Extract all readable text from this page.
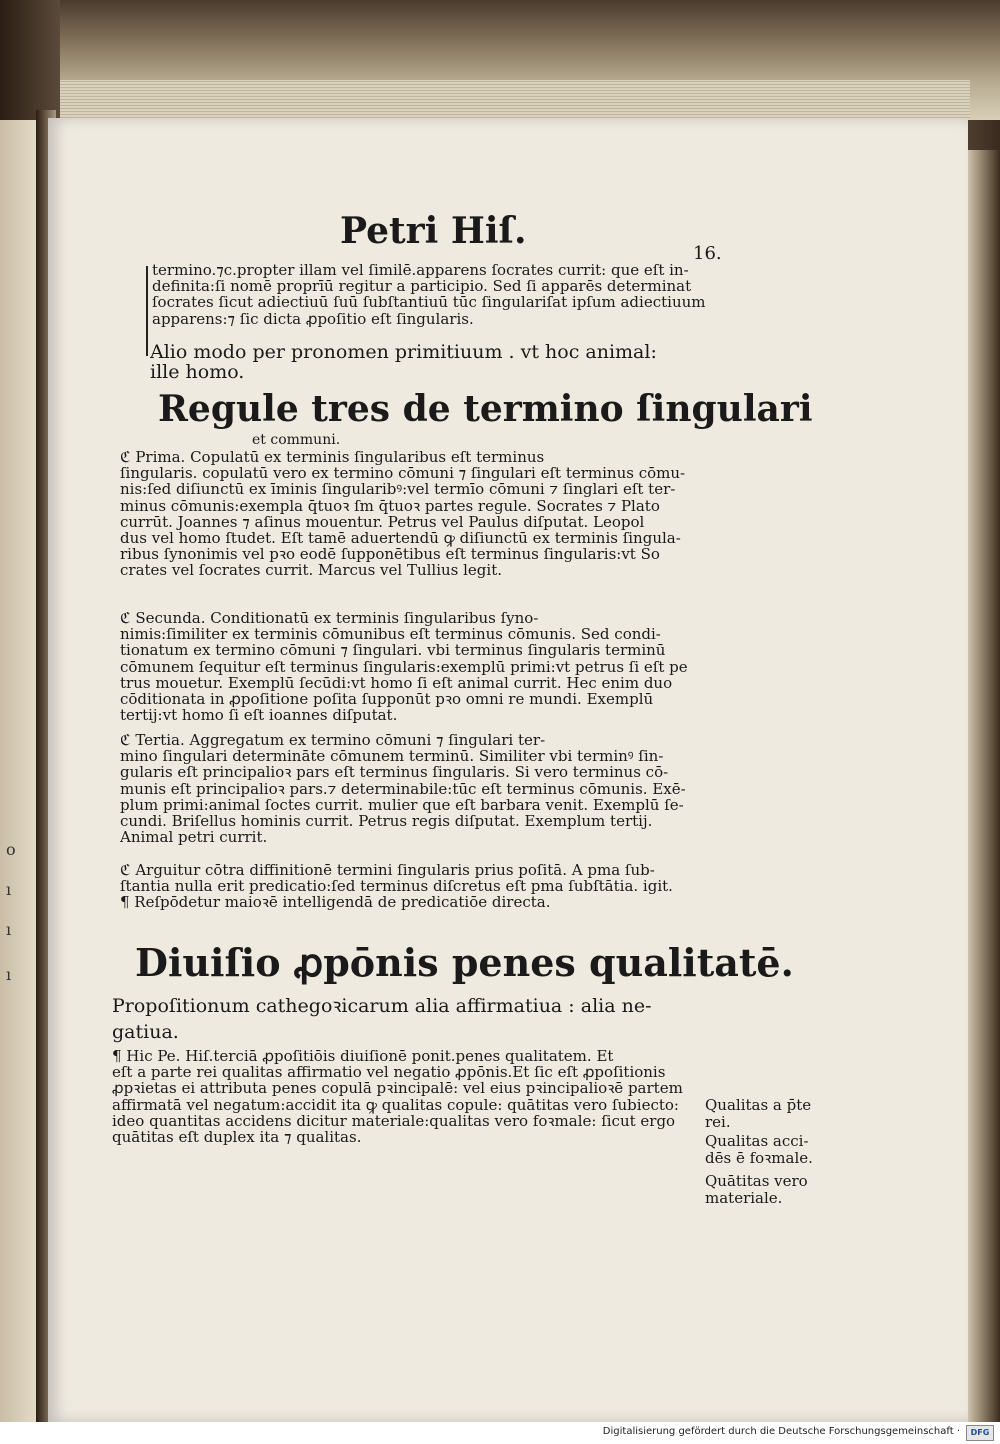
o
ı
ı
ı
Petri Hiſ.
16.
termino.⁊c.propter illam vel ſimilē.apparens ſocrates currit: que eſt in-
definita:ſi nomē proprīū regitur a participio. Sed ſi apparēs determinat
ſocrates ſicut adiectiuū ſuū ſubſtantiuū tūc ſingulariſat ipſum adiectiuum
apparens:⁊ ſic dicta ꝓpoſitio eſt ſingularis.
Alio modo per pronomen primitiuum . vt hoc animal:
ille homo.
Regule tres de termino ſingulari
et communi.
ℭ Prima. Copulatū ex terminis ſingularibus eſt terminus
ſingularis. copulatū vero ex termino cōmuni ⁊ ſingulari eſt terminus cōmu-
nis:ſed diſiunctū ex īminis ſingularibꝰ:vel termīo cōmuni ⁊ ſinglari eſt ter-
minus cōmunis:exempla q̄tuoꝛ ſm q̄tuoꝛ partes regule. Socrates ⁊ Plato
currūt. Joannes ⁊ aſinus mouentur. Petrus vel Paulus diſputat. Leopol
dus vel homo ſtudet. Eſt tamē aduertendū ꝙ diſiunctū ex terminis ſingula-
ribus ſynonimis vel pꝛo eodē ſupponētibus eſt terminus ſingularis:vt So
crates vel ſocrates currit. Marcus vel Tullius legit.
ℭ Secunda. Conditionatū ex terminis ſingularibus ſyno-
nimis:ſimiliter ex terminis cōmunibus eſt terminus cōmunis. Sed condi-
tionatum ex termino cōmuni ⁊ ſingulari. vbi terminus ſingularis terminū
cōmunem ſequitur eſt terminus ſingularis:exemplū primi:vt petrus ſi eſt pe
trus mouetur. Exemplū ſecūdi:vt homo ſi eſt animal currit. Hec enim duo
cōditionata in ꝓpoſitione poſita ſupponūt pꝛo omni re mundi. Exemplū
tertij:vt homo ſi eſt ioannes diſputat.
ℭ Tertia. Aggregatum ex termino cōmuni ⁊ ſingulari ter-
mino ſingulari determināte cōmunem terminū. Similiter vbi terminꝰ ſin-
gularis eſt principalioꝛ pars eſt terminus ſingularis. Si vero terminus cō-
munis eſt principalioꝛ pars.⁊ determinabile:tūc eſt terminus cōmunis. Exē-
plum primi:animal ſoctes currit. mulier que eſt barbara venit. Exemplū ſe-
cundi. Briſellus hominis currit. Petrus regis diſputat. Exemplum tertij.
Animal petri currit.
ℭ Arguitur cōtra diffinitionē termini ſingularis prius poſitā. A pma ſub-
ſtantia nulla erit predicatio:ſed terminus diſcretus eſt pma ſubſtātia. igit.
¶ Reſpōdetur maioꝛē intelligendā de predicatiōe directa.
Diuiſio ꝓpōnis penes qualitatē.
Propoſitionum cathegoꝛicarum alia affirmatiua : alia ne-
gatiua.
¶ Hic Pe. Hiſ.terciā ꝓpoſitiōis diuiſionē ponit.penes qualitatem. Et
eſt a parte rei qualitas affirmatio vel negatio ꝓpōnis.Et ſic eſt ꝓpoſitionis
ꝓpꝛietas ei attributa penes copulā pꝛincipalē: vel eius pꝛincipalioꝛē partem
affirmatā vel negatum:accidit ita ꝙ qualitas copule: quātitas vero ſubiecto:
ideo quantitas accidens dicitur materiale:qualitas vero foꝛmale: ſicut ergo
quātitas eſt duplex ita ⁊ qualitas.
Qualitas a p̄te
rei.
Qualitas acci-
dēs ē foꝛmale.
Quātitas vero
materiale.
Digitalisierung gefördert durch die Deutsche Forschungsgemeinschaft ·	DFG
